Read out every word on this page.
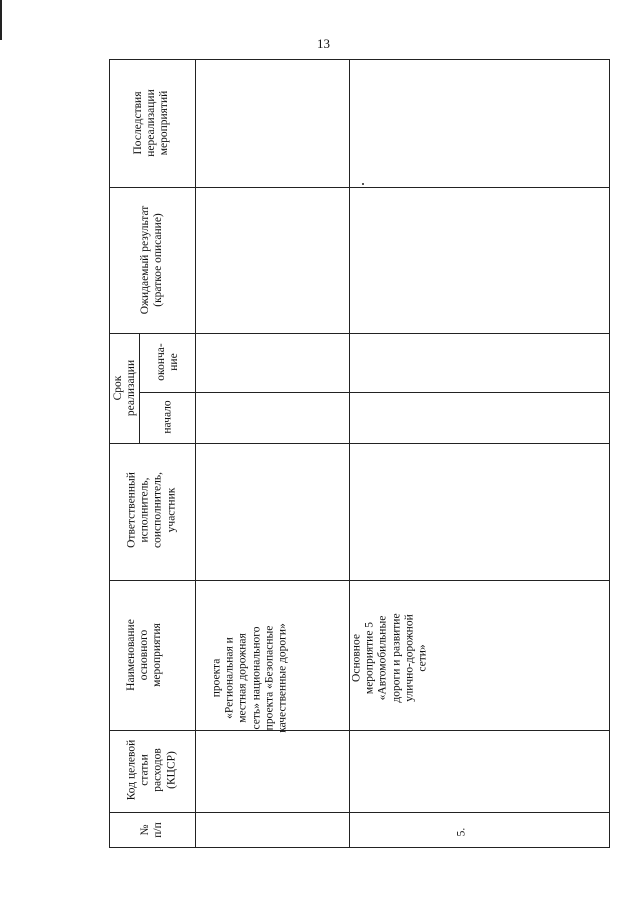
13
Последствия
нереализации
мероприятий
Ожидаемый результат
(краткое описание)
Срок
реализации оконча-
ние
начало
Ответственный
исполнитель,
соисполнитель,
участник
Наименование
основного
мероприятия
Код целевой
статьи
расходов
(КЦСР)
№
п/п
проекта
«Региональная и
местная дорожная
сеть» национального
проекта «Безопасные
качественные дороги»	Основное
мероприятие 5
«Автомобильные
дороги и развитие
улично-дорожной
сети»
5.
